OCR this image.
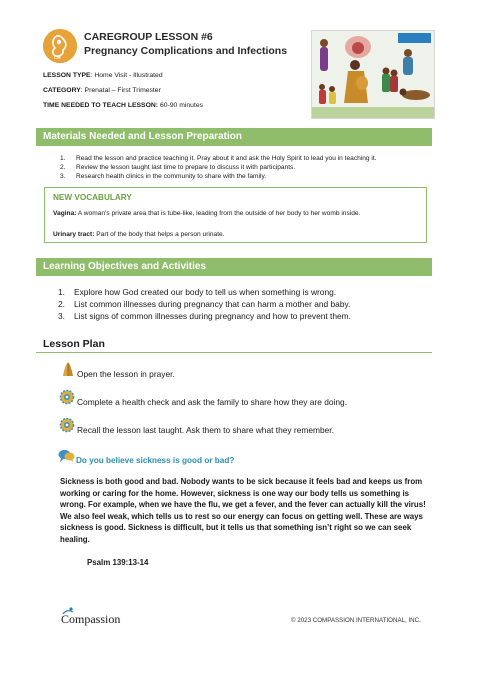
CH
CAREGROUP LESSON #6
Pregnancy Complications and Infections
LESSON TYPE: Home Visit - Illustrated
CATEGORY: Prenatal – First Trimester
TIME NEEDED TO TEACH LESSON: 60-90 minutes
Materials Needed and Lesson Preparation
1. Read the lesson and practice teaching it. Pray about it and ask the Holy Spirit to lead you in teaching it.
2. Review the lesson taught last time to prepare to discuss it with participants.
3. Research health clinics in the community to share with the family.
NEW VOCABULARY
Vagina: A woman’s private area that is tube-like, leading from the outside of her body to her womb inside.
Urinary tract: Part of the body that helps a person urinate.
Learning Objectives and Activities
1. Explore how God created our body to tell us when something is wrong.
2. List common illnesses during pregnancy that can harm a mother and baby.
3. List signs of common illnesses during pregnancy and how to prevent them.
Lesson Plan
Open the lesson in prayer.
Complete a health check and ask the family to share how they are doing.
Recall the lesson last taught. Ask them to share what they remember.
Do you believe sickness is good or bad?
Sickness is both good and bad. Nobody wants to be sick because it feels bad and keeps us from working or caring for the home. However, sickness is one way our body tells us something is wrong. For example, when we have the flu, we get a fever, and the fever can actually kill the virus! We also feel weak, which tells us to rest so our energy can focus on getting well. These are ways sickness is good. Sickness is difficult, but it tells us that something isn’t right so we can seek healing.
Psalm 139:13-14
Compassion	© 2023 COMPASSION INTERNATIONAL, INC.
